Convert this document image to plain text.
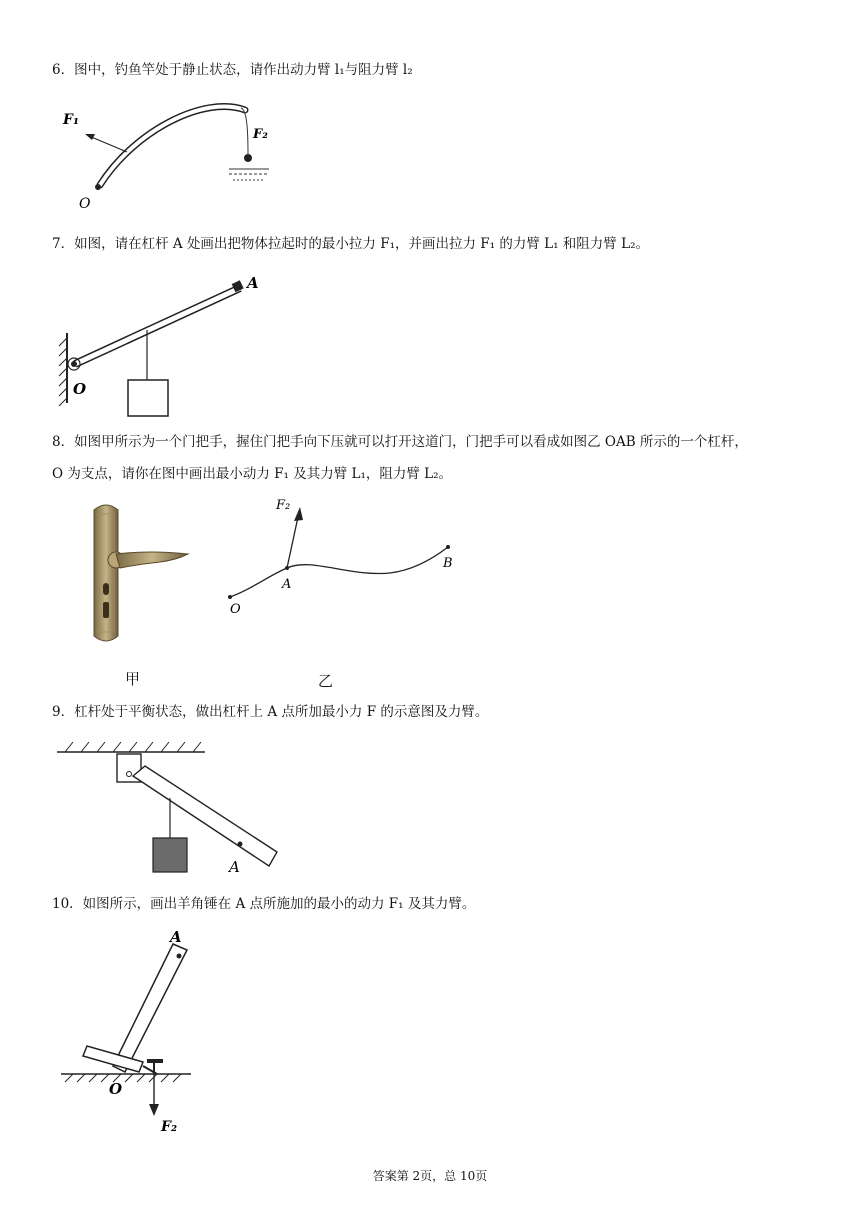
6．图中，钓鱼竿处于静止状态，请作出动力臂 l₁与阻力臂 l₂
F₁
F₂
O
7．如图，请在杠杆 A 处画出把物体拉起时的最小拉力 F₁，并画出拉力 F₁ 的力臂 L₁ 和阻力臂 L₂。
A
O
8．如图甲所示为一个门把手，握住门把手向下压就可以打开这道门，门把手可以看成如图乙 OAB 所示的一个杠杆，
O 为支点，请你在图中画出最小动力 F₁ 及其力臂 L₁，阻力臂 L₂。
甲
F₂
A
B
O
乙
9．杠杆处于平衡状态，做出杠杆上 A 点所加最小力 F 的示意图及力臂。
A
10．如图所示，画出羊角锤在 A 点所施加的最小的动力 F₁ 及其力臂。
A
O
F₂
答案第 2页，总 10页
